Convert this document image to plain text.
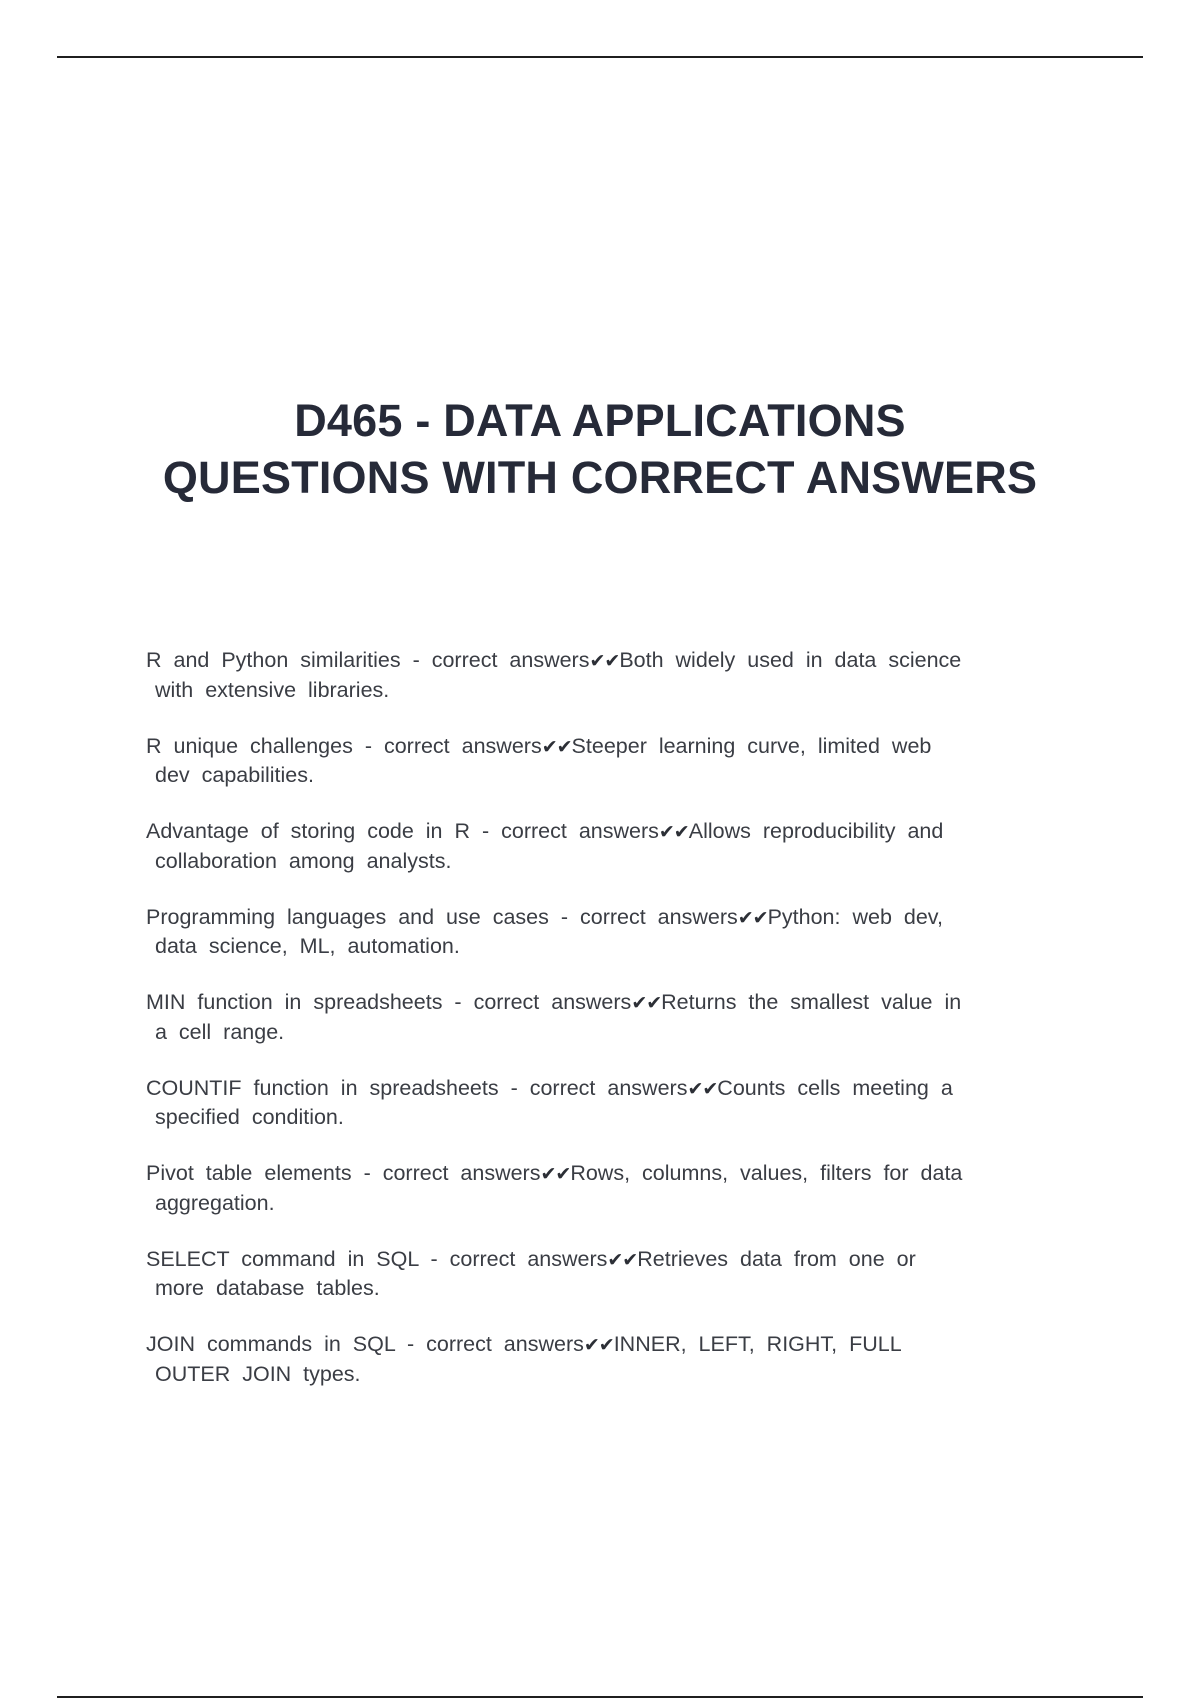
D465 - DATA APPLICATIONS
QUESTIONS WITH CORRECT ANSWERS
R and Python similarities - correct answers✔✔Both widely used in data science
with extensive libraries.
R unique challenges - correct answers✔✔Steeper learning curve, limited web
dev capabilities.
Advantage of storing code in R - correct answers✔✔Allows reproducibility and
collaboration among analysts.
Programming languages and use cases - correct answers✔✔Python: web dev,
data science, ML, automation.
MIN function in spreadsheets - correct answers✔✔Returns the smallest value in
a cell range.
COUNTIF function in spreadsheets - correct answers✔✔Counts cells meeting a
specified condition.
Pivot table elements - correct answers✔✔Rows, columns, values, filters for data
aggregation.
SELECT command in SQL - correct answers✔✔Retrieves data from one or
more database tables.
JOIN commands in SQL - correct answers✔✔INNER, LEFT, RIGHT, FULL
OUTER JOIN types.
